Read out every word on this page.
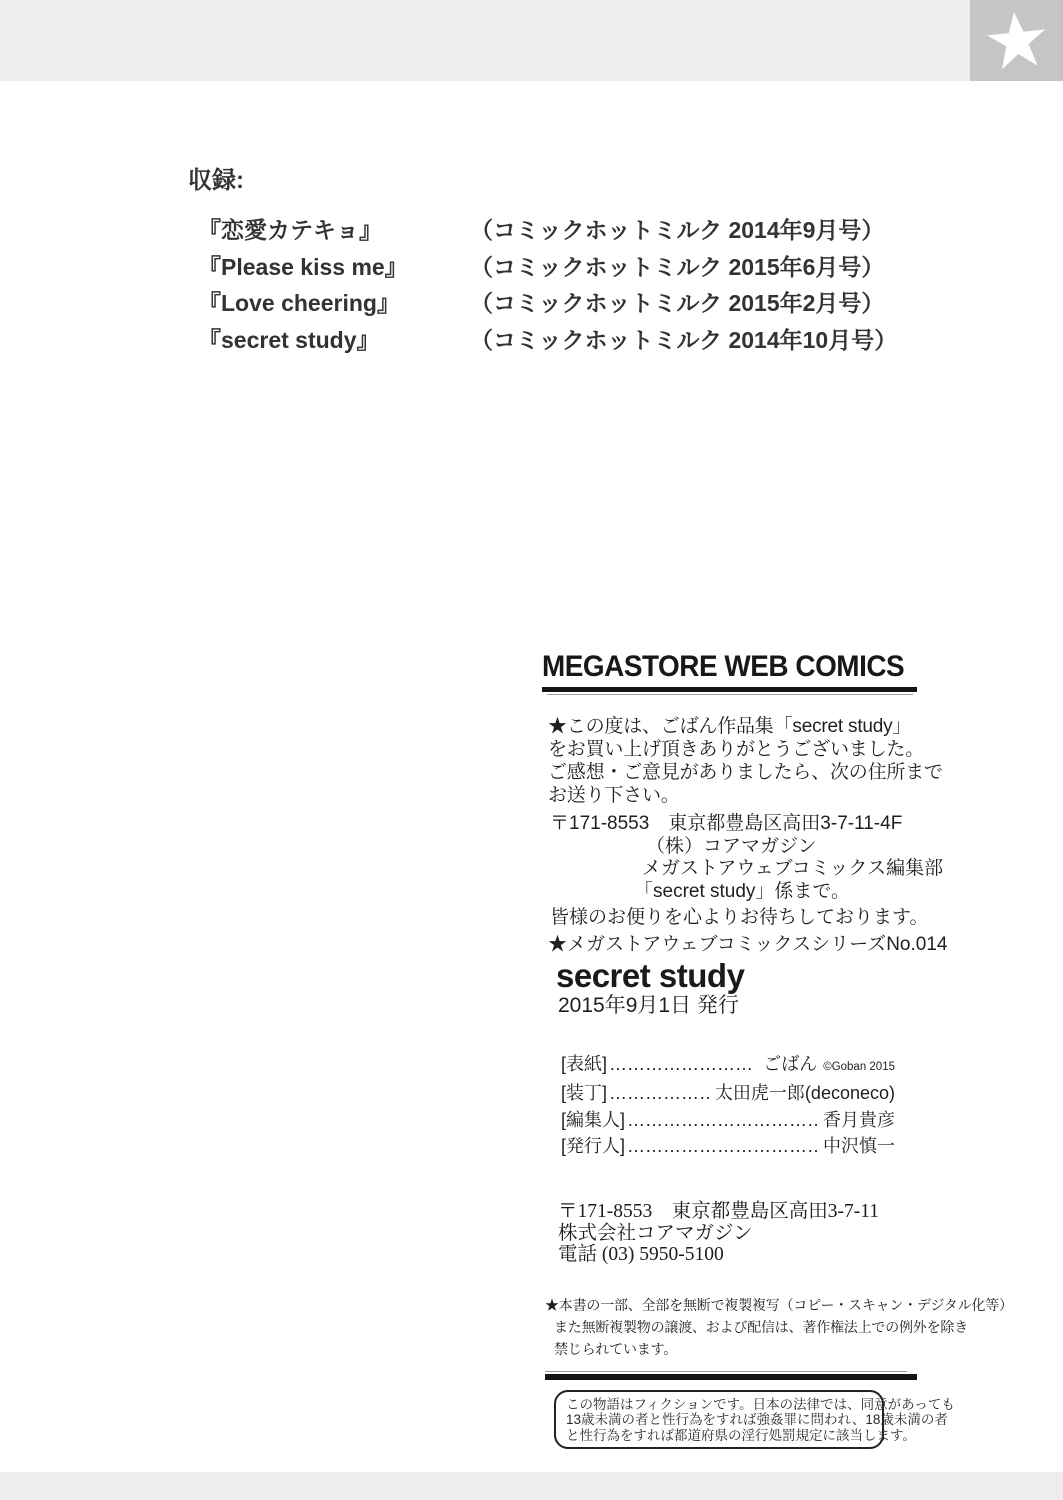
収録:
『恋愛カテキョ』	（コミックホットミルク 2014年9月号）
『Please kiss me』	（コミックホットミルク 2015年6月号）
『Love cheering』	（コミックホットミルク 2015年2月号）
『secret study』	（コミックホットミルク 2014年10月号）
MEGASTORE WEB COMICS
★この度は、ごばん作品集「secret study」
をお買い上げ頂きありがとうございました。
ご感想・ご意見がありましたら、次の住所まで
お送り下さい。
〒171-8553　東京都豊島区高田3-7-11-4F
（株）コアマガジン
メガストアウェブコミックス編集部
「secret study」係まで。
皆様のお便りを心よりお待ちしております。
★メガストアウェブコミックスシリーズNo.014
secret study
2015年9月1日 発行
[表紙] ……………………………………………………………………………………	ごばん ©Goban 2015
[装丁] ……………………………………………………………………………………	太田虎一郎(deconeco)
[編集人] ……………………………………………………………………………………	香月貴彦
[発行人] ……………………………………………………………………………………	中沢慎一
〒171-8553　東京都豊島区高田3-7-11
株式会社コアマガジン
電話 (03) 5950-5100
★本書の一部、全部を無断で複製複写（コピー・スキャン・デジタル化等）
また無断複製物の譲渡、および配信は、著作権法上での例外を除き
禁じられています。
この物語はフィクションです。日本の法律では、同意があっても
13歳未満の者と性行為をすれば強姦罪に問われ、18歳未満の者
と性行為をすれば都道府県の淫行処罰規定に該当します。
